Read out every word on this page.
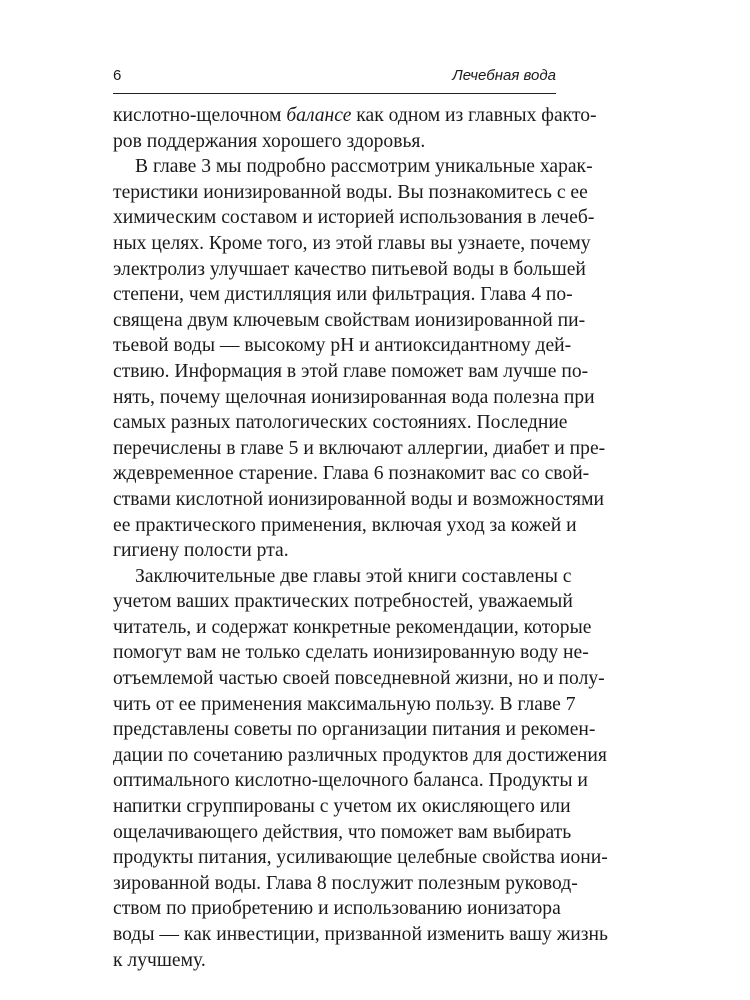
6	Лечебная вода

кислотно-щелочном балансе как одном из главных факто-
ров поддержания хорошего здоровья.

В главе 3 мы подробно рассмотрим уникальные харак-
теристики ионизированной воды. Вы познакомитесь с ее
химическим составом и историей использования в лечеб-
ных целях. Кроме того, из этой главы вы узнаете, почему
электролиз улучшает качество питьевой воды в большей
степени, чем дистилляция или фильтрация. Глава 4 по-
священа двум ключевым свойствам ионизированной пи-
тьевой воды — высокому pH и антиоксидантному дей-
ствию. Информация в этой главе поможет вам лучше по-
нять, почему щелочная ионизированная вода полезна при
самых разных патологических состояниях. Последние
перечислены в главе 5 и включают аллергии, диабет и пре-
ждевременное старение. Глава 6 познакомит вас со свой-
ствами кислотной ионизированной воды и возможностями
ее практического применения, включая уход за кожей и
гигиену полости рта.

Заключительные две главы этой книги составлены с
учетом ваших практических потребностей, уважаемый
читатель, и содержат конкретные рекомендации, которые
помогут вам не только сделать ионизированную воду не-
отъемлемой частью своей повседневной жизни, но и полу-
чить от ее применения максимальную пользу. В главе 7
представлены советы по организации питания и рекомен-
дации по сочетанию различных продуктов для достижения
оптимального кислотно-щелочного баланса. Продукты и
напитки сгруппированы с учетом их окисляющего или
ощелачивающего действия, что поможет вам выбирать
продукты питания, усиливающие целебные свойства иони-
зированной воды. Глава 8 послужит полезным руковод-
ством по приобретению и использованию ионизатора
воды — как инвестиции, призванной изменить вашу жизнь
к лучшему.
